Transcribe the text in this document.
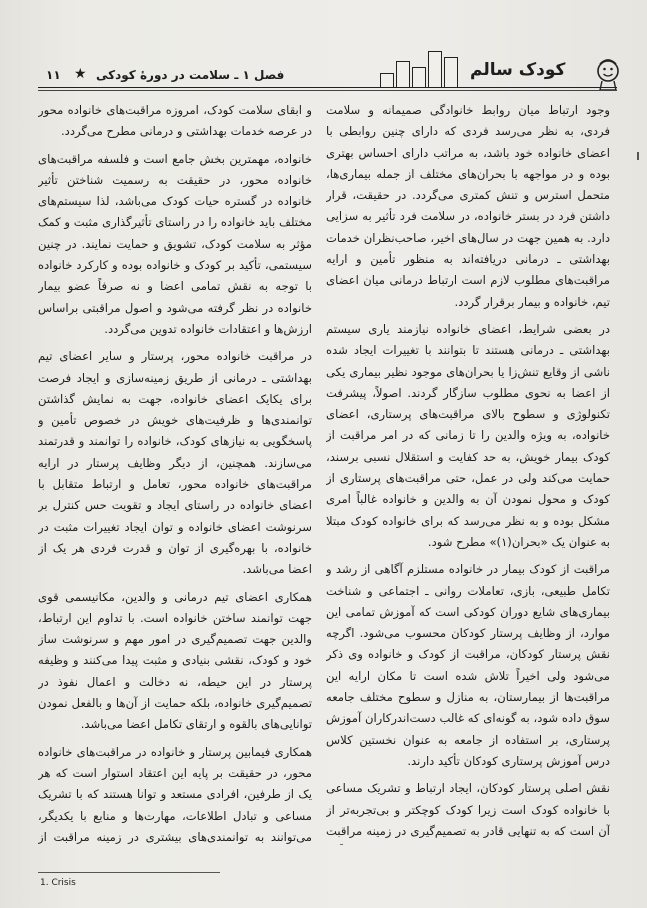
۱۱ ★ فصل ۱ ـ سلامت در دورهٔ کودکی	کودک سالم

وجود ارتباط میان روابط خانوادگی صمیمانه و سلامت فردی، به نظر می‌رسد فردی که دارای چنین روابطی با اعضای خانواده خود باشد، به مراتب دارای احساس بهتری بوده و در مواجهه با بحران‌های مختلف از جمله بیماری‌ها، متحمل استرس و تنش کمتری می‌گردد. در حقیقت، قرار داشتن فرد در بستر خانواده، در سلامت فرد تأثیر به سزایی دارد. به همین جهت در سال‌های اخیر، صاحب‌نظران خدمات بهداشتی ـ درمانی دریافته‌اند به منظور تأمین و ارایه مراقبت‌های مطلوب لازم است ارتباط درمانی میان اعضای تیم، خانواده و بیمار برقرار گردد.

در بعضی شرایط، اعضای خانواده نیازمند یاری سیستم بهداشتی ـ درمانی هستند تا بتوانند با تغییرات ایجاد شده ناشی از وقایع تنش‌زا یا بحران‌های موجود نظیر بیماری یکی از اعضا به نحوی مطلوب سازگار گردند. اصولاً، پیشرفت تکنولوژی و سطوح بالای مراقبت‌های پرستاری، اعضای خانواده، به ویژه والدین را تا زمانی که در امر مراقبت از کودک بیمار خویش، به حد کفایت و استقلال نسبی برسند، حمایت می‌کند ولی در عمل، حتی مراقبت‌های پرستاری از کودک و محول نمودن آن به والدین و خانواده غالباً امری مشکل بوده و به نظر می‌رسد که برای خانواده کودک مبتلا به عنوان یک «بحران(۱)» مطرح شود.

مراقبت از کودک بیمار در خانواده مستلزم آگاهی از رشد و تکامل طبیعی، بازی، تعاملات روانی ـ اجتماعی و شناخت بیماری‌های شایع دوران کودکی است که آموزش تمامی این موارد، از وظایف پرستار کودکان محسوب می‌شود. اگرچه نقش پرستار کودکان، مراقبت از کودک و خانواده وی ذکر می‌شود ولی اخیراً تلاش شده است تا مکان ارایه این مراقبت‌ها از بیمارستان، به منازل و سطوح مختلف جامعه سوق داده شود، به گونه‌ای که غالب دست‌اندرکاران آموزش پرستاری، بر استفاده از جامعه به عنوان نخستین کلاس درس آموزش پرستاری کودکان تأکید دارند.

نقش اصلی پرستار کودکان، ایجاد ارتباط و تشریک مساعی با خانواده کودک است زیرا کودک کوچکتر و بی‌تجربه‌تر از آن است که به تنهایی قادر به تصمیم‌گیری در زمینه مراقبت

و ابقای سلامت کودک، امروزه مراقبت‌های خانواده محور در عرصه خدمات بهداشتی و درمانی مطرح می‌گردد.

خانواده، مهمترین بخش جامع است و فلسفه مراقبت‌های خانواده محور، در حقیقت به رسمیت شناختن تأثیر خانواده در گستره حیات کودک می‌باشد، لذا سیستم‌های مختلف باید خانواده را در راستای تأثیرگذاری مثبت و کمک مؤثر به سلامت کودک، تشویق و حمایت نمایند. در چنین سیستمی، تأکید بر کودک و خانواده بوده و کارکرد خانواده با توجه به نقش تمامی اعضا و نه صرفاً عضو بیمار خانواده در نظر گرفته می‌شود و اصول مراقبتی براساس ارزش‌ها و اعتقادات خانواده تدوین می‌گردد.

در مراقبت خانواده محور، پرستار و سایر اعضای تیم بهداشتی ـ درمانی از طریق زمینه‌سازی و ایجاد فرصت برای یکایک اعضای خانواده، جهت به نمایش گذاشتن توانمندی‌ها و ظرفیت‌های خویش در خصوص تأمین و پاسخگویی به نیازهای کودک، خانواده را توانمند و قدرتمند می‌سازند. همچنین، از دیگر وظایف پرستار در ارایه مراقبت‌های خانواده محور، تعامل و ارتباط متقابل با اعضای خانواده در راستای ایجاد و تقویت حس کنترل بر سرنوشت اعضای خانواده و توان ایجاد تغییرات مثبت در خانواده، با بهره‌گیری از توان و قدرت فردی هر یک از اعضا می‌باشد.

همکاری اعضای تیم درمانی و والدین، مکانیسمی قوی جهت توانمند ساختن خانواده است. با تداوم این ارتباط، والدین جهت تصمیم‌گیری در امور مهم و سرنوشت ساز خود و کودک، نقشی بنیادی و مثبت پیدا می‌کنند و وظیفه پرستار در این حیطه، نه دخالت و اعمال نفوذ در تصمیم‌گیری خانواده، بلکه حمایت از آن‌ها و بالفعل نمودن توانایی‌های بالقوه و ارتقای تکامل اعضا می‌باشد.

همکاری فیمابین پرستار و خانواده در مراقبت‌های خانواده محور، در حقیقت بر پایه این اعتقاد استوار است که هر یک از طرفین، افرادی مستعد و توانا هستند که با تشریک مساعی و تبادل اطلاعات، مهارت‌ها و منابع با یکدیگر، می‌توانند به توانمندی‌های بیشتری در زمینه مراقبت از

1. Crisis
